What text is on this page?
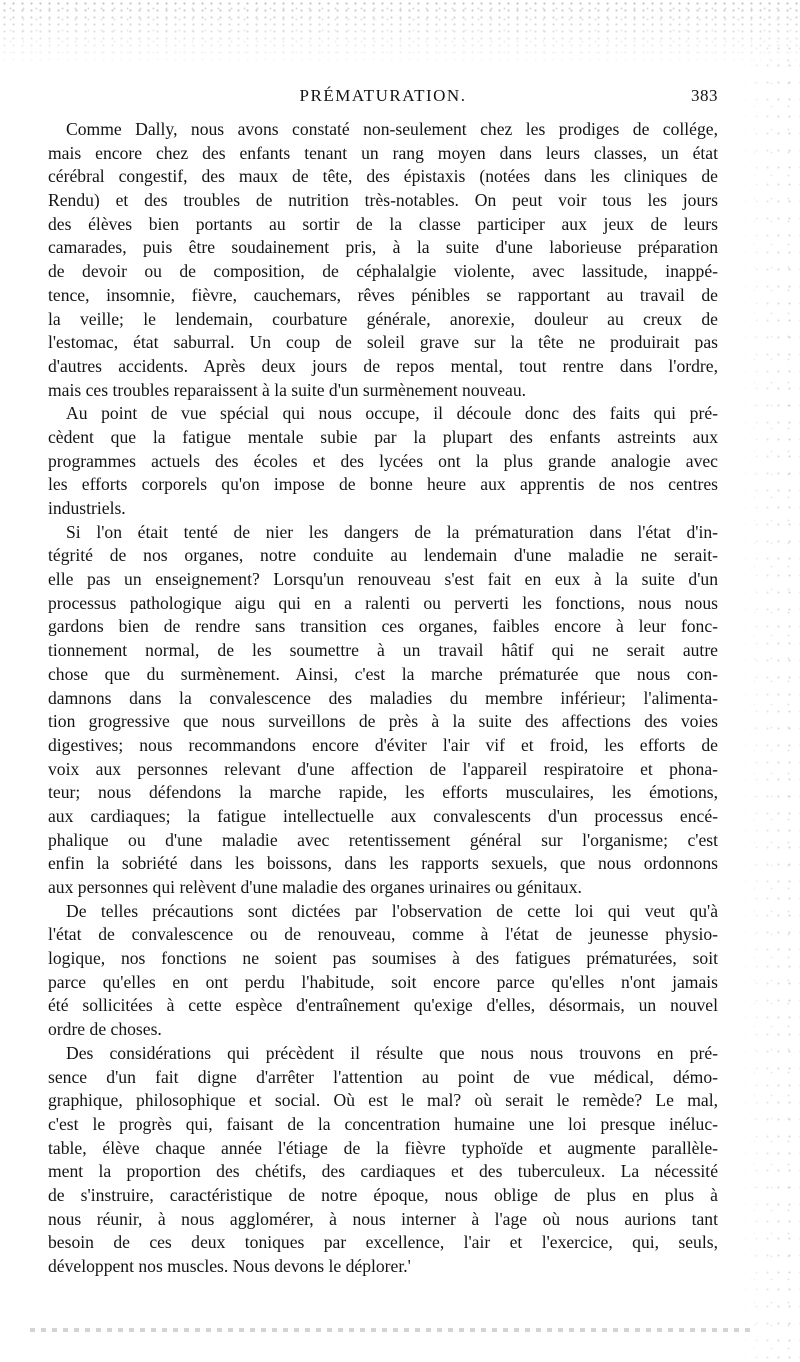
PRÉMATURATION.	383
Comme Dally, nous avons constaté non-seulement chez les prodiges de collége,
mais encore chez des enfants tenant un rang moyen dans leurs classes, un état
cérébral congestif, des maux de tête, des épistaxis (notées dans les cliniques de
Rendu) et des troubles de nutrition très-notables. On peut voir tous les jours
des élèves bien portants au sortir de la classe participer aux jeux de leurs
camarades, puis être soudainement pris, à la suite d'une laborieuse préparation
de devoir ou de composition, de céphalalgie violente, avec lassitude, inappé-
tence, insomnie, fièvre, cauchemars, rêves pénibles se rapportant au travail de
la veille; le lendemain, courbature générale, anorexie, douleur au creux de
l'estomac, état saburral. Un coup de soleil grave sur la tête ne produirait pas
d'autres accidents. Après deux jours de repos mental, tout rentre dans l'ordre,
mais ces troubles reparaissent à la suite d'un surmènement nouveau.
Au point de vue spécial qui nous occupe, il découle donc des faits qui pré-
cèdent que la fatigue mentale subie par la plupart des enfants astreints aux
programmes actuels des écoles et des lycées ont la plus grande analogie avec
les efforts corporels qu'on impose de bonne heure aux apprentis de nos centres
industriels.
Si l'on était tenté de nier les dangers de la prématuration dans l'état d'in-
tégrité de nos organes, notre conduite au lendemain d'une maladie ne serait-
elle pas un enseignement? Lorsqu'un renouveau s'est fait en eux à la suite d'un
processus pathologique aigu qui en a ralenti ou perverti les fonctions, nous nous
gardons bien de rendre sans transition ces organes, faibles encore à leur fonc-
tionnement normal, de les soumettre à un travail hâtif qui ne serait autre
chose que du surmènement. Ainsi, c'est la marche prématurée que nous con-
damnons dans la convalescence des maladies du membre inférieur; l'alimenta-
tion grogressive que nous surveillons de près à la suite des affections des voies
digestives; nous recommandons encore d'éviter l'air vif et froid, les efforts de
voix aux personnes relevant d'une affection de l'appareil respiratoire et phona-
teur; nous défendons la marche rapide, les efforts musculaires, les émotions,
aux cardiaques; la fatigue intellectuelle aux convalescents d'un processus encé-
phalique ou d'une maladie avec retentissement général sur l'organisme; c'est
enfin la sobriété dans les boissons, dans les rapports sexuels, que nous ordonnons
aux personnes qui relèvent d'une maladie des organes urinaires ou génitaux.
De telles précautions sont dictées par l'observation de cette loi qui veut qu'à
l'état de convalescence ou de renouveau, comme à l'état de jeunesse physio-
logique, nos fonctions ne soient pas soumises à des fatigues prématurées, soit
parce qu'elles en ont perdu l'habitude, soit encore parce qu'elles n'ont jamais
été sollicitées à cette espèce d'entraînement qu'exige d'elles, désormais, un nouvel
ordre de choses.
Des considérations qui précèdent il résulte que nous nous trouvons en pré-
sence d'un fait digne d'arrêter l'attention au point de vue médical, démo-
graphique, philosophique et social. Où est le mal? où serait le remède? Le mal,
c'est le progrès qui, faisant de la concentration humaine une loi presque inéluc-
table, élève chaque année l'étiage de la fièvre typhoïde et augmente parallèle-
ment la proportion des chétifs, des cardiaques et des tuberculeux. La nécessité
de s'instruire, caractéristique de notre époque, nous oblige de plus en plus à
nous réunir, à nous agglomérer, à nous interner à l'age où nous aurions tant
besoin de ces deux toniques par excellence, l'air et l'exercice, qui, seuls,
développent nos muscles. Nous devons le déplorer.'
